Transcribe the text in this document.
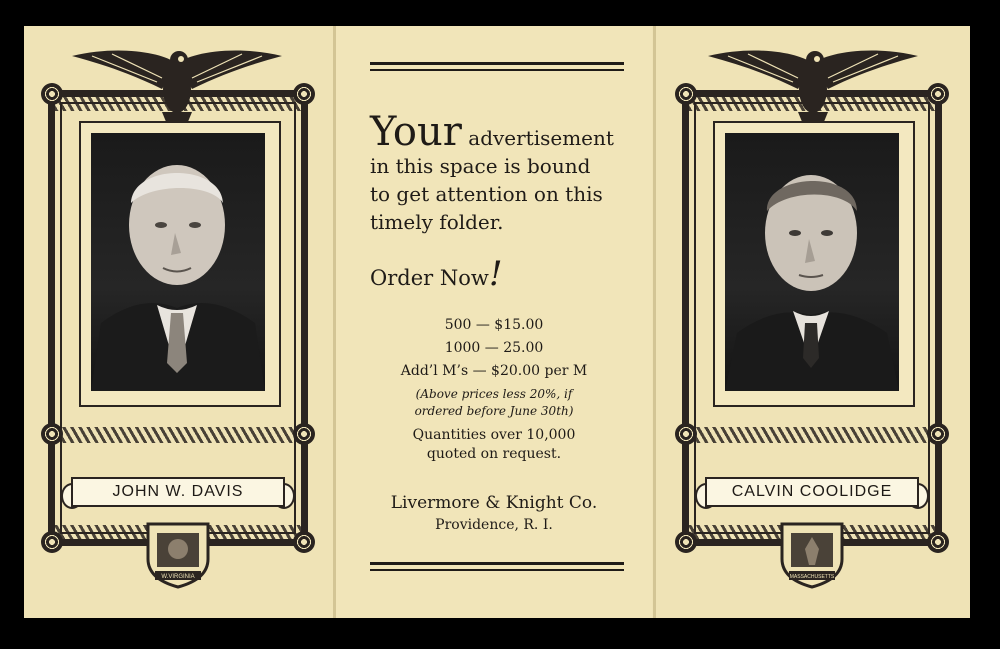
JOHN W. DAVIS
W.VIRGINIA
Your advertisement
in this space is bound
to get attention on this
timely folder.
Order Now!
500 — $15.00
1000 — 25.00
Add’l M’s — $20.00 per M
(Above prices less 20%, if
ordered before June 30th)
Quantities over 10,000
quoted on request.
Livermore & Knight Co.
Providence, R. I.
CALVIN COOLIDGE
MASSACHUSETTS
